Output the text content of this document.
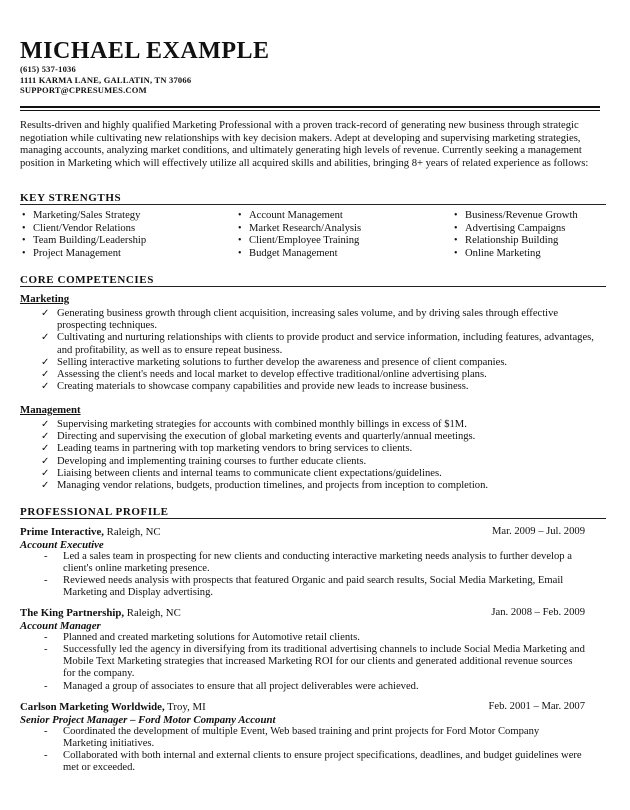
MICHAEL EXAMPLE
(615) 537-1036
1111 KARMA LANE, GALLATIN, TN 37066
SUPPORT@CPRESUMES.COM
Results-driven and highly qualified Marketing Professional with a proven track-record of generating new business through strategic negotiation while cultivating new relationships with key decision makers. Adept at developing and supervising marketing strategies, managing accounts, analyzing market conditions, and ultimately generating high levels of revenue. Currently seeking a management position in Marketing which will effectively utilize all acquired skills and abilities, bringing 8+ years of related experience as follows:
KEY STRENGTHS
• Marketing/Sales Strategy
• Client/Vendor Relations
• Team Building/Leadership
• Project Management
• Account Management
• Market Research/Analysis
• Client/Employee Training
• Budget Management
• Business/Revenue Growth
• Advertising Campaigns
• Relationship Building
• Online Marketing
CORE COMPETENCIES
Marketing
✓ Generating business growth through client acquisition, increasing sales volume, and by driving sales through effective prospecting techniques.
✓ Cultivating and nurturing relationships with clients to provide product and service information, including features, advantages, and profitability, as well as to ensure repeat business.
✓ Selling interactive marketing solutions to further develop the awareness and presence of client companies.
✓ Assessing the client's needs and local market to develop effective traditional/online advertising plans.
✓ Creating materials to showcase company capabilities and provide new leads to increase business.
Management
✓ Supervising marketing strategies for accounts with combined monthly billings in excess of $1M.
✓ Directing and supervising the execution of global marketing events and quarterly/annual meetings.
✓ Leading teams in partnering with top marketing vendors to bring services to clients.
✓ Developing and implementing training courses to further educate clients.
✓ Liaising between clients and internal teams to communicate client expectations/guidelines.
✓ Managing vendor relations, budgets, production timelines, and projects from inception to completion.
PROFESSIONAL PROFILE
Prime Interactive, Raleigh, NC	Mar. 2009 – Jul. 2009
Account Executive
- Led a sales team in prospecting for new clients and conducting interactive marketing needs analysis to further develop a client's online marketing presence.
- Reviewed needs analysis with prospects that featured Organic and paid search results, Social Media Marketing, Email Marketing and Display advertising.
The King Partnership, Raleigh, NC	Jan. 2008 – Feb. 2009
Account Manager
- Planned and created marketing solutions for Automotive retail clients.
- Successfully led the agency in diversifying from its traditional advertising channels to include Social Media Marketing and Mobile Text Marketing strategies that increased Marketing ROI for our clients and generated additional revenue sources for the company.
- Managed a group of associates to ensure that all project deliverables were achieved.
Carlson Marketing Worldwide, Troy, MI	Feb. 2001 – Mar. 2007
Senior Project Manager – Ford Motor Company Account
- Coordinated the development of multiple Event, Web based training and print projects for Ford Motor Company Marketing initiatives.
- Collaborated with both internal and external clients to ensure project specifications, deadlines, and budget guidelines were met or exceeded.
